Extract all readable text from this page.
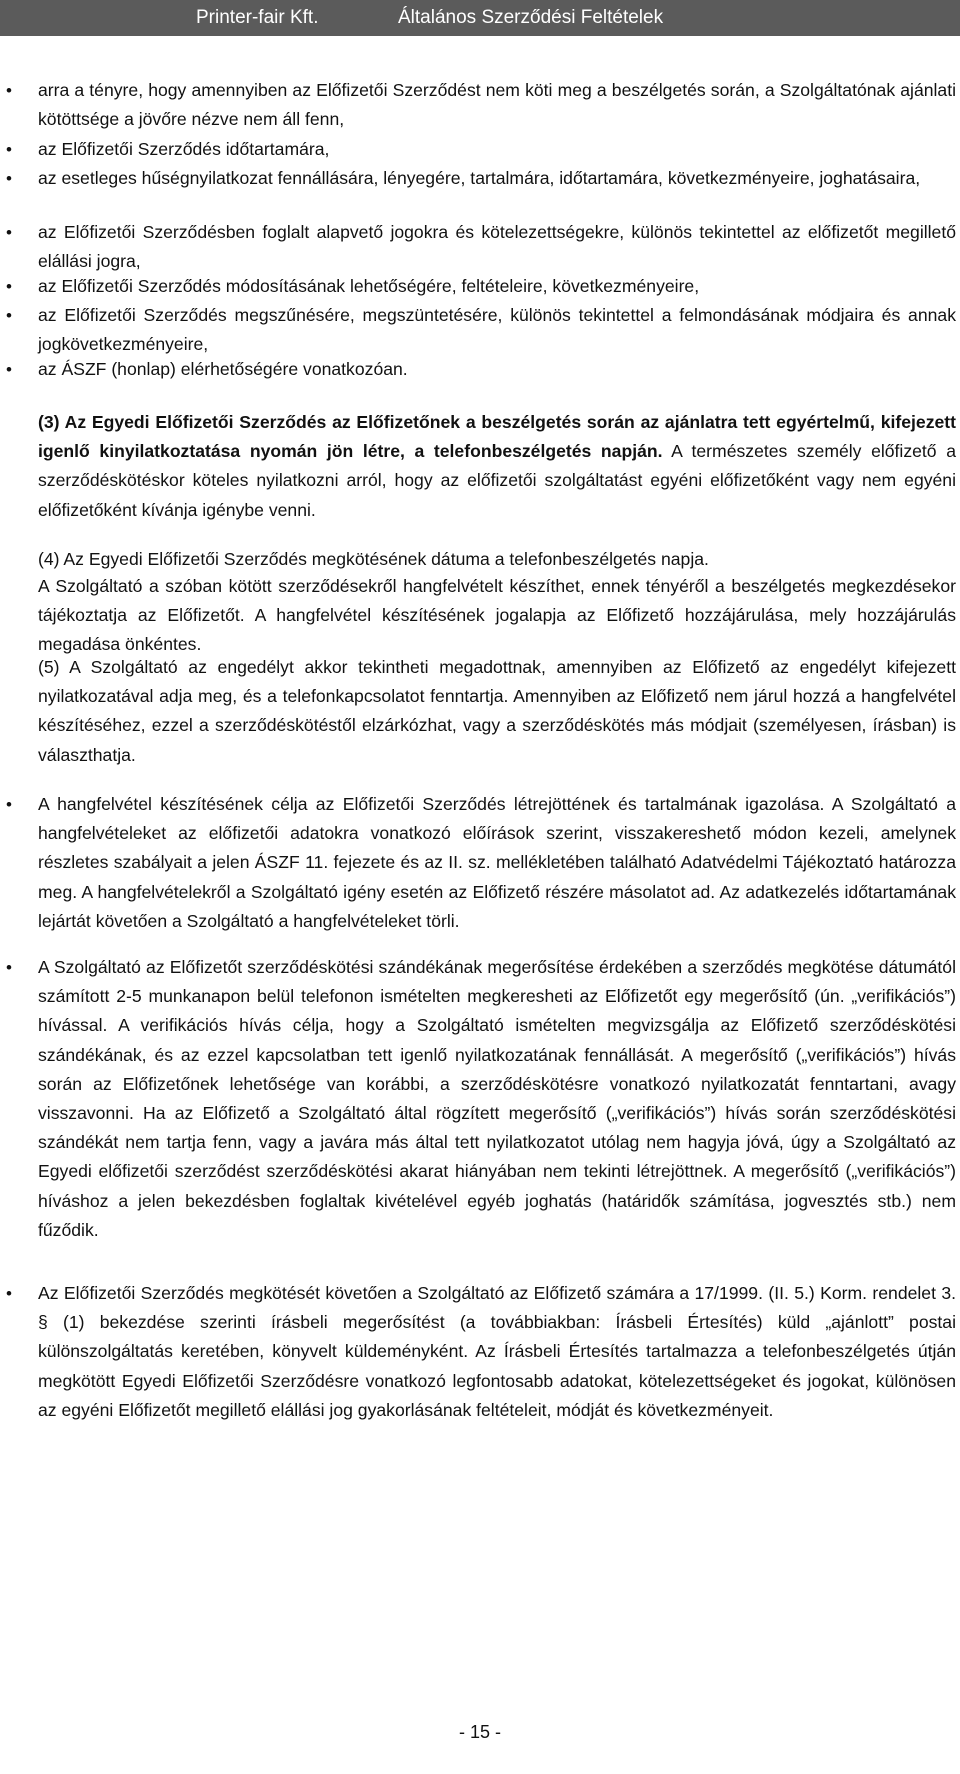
Printer-fair Kft.	Általános Szerződési Feltételek
• arra a tényre, hogy amennyiben az Előfizetői Szerződést nem köti meg a beszélgetés során, a Szolgáltatónak ajánlati kötöttsége a jövőre nézve nem áll fenn,
• az Előfizetői Szerződés időtartamára,
• az esetleges hűségnyilatkozat fennállására, lényegére, tartalmára, időtartamára, következményeire, joghatásaira,
• az Előfizetői Szerződésben foglalt alapvető jogokra és kötelezettségekre, különös tekintettel az előfizetőt megillető elállási jogra,
• az Előfizetői Szerződés módosításának lehetőségére, feltételeire, következményeire,
• az Előfizetői Szerződés megszűnésére, megszüntetésére, különös tekintettel a felmondásának módjaira és annak jogkövetkezményeire,
• az ÁSZF (honlap) elérhetőségére vonatkozóan.

(3) Az Egyedi Előfizetői Szerződés az Előfizetőnek a beszélgetés során az ajánlatra tett egyértelmű, kifejezett igenlő kinyilatkoztatása nyomán jön létre, a telefonbeszélgetés napján. A természetes személy előfizető a szerződéskötéskor köteles nyilatkozni arról, hogy az előfizetői szolgáltatást egyéni előfizetőként vagy nem egyéni előfizetőként kívánja igénybe venni.

(4) Az Egyedi Előfizetői Szerződés megkötésének dátuma a telefonbeszélgetés napja.

A Szolgáltató a szóban kötött szerződésekről hangfelvételt készíthet, ennek tényéről a beszélgetés megkezdésekor tájékoztatja az Előfizetőt. A hangfelvétel készítésének jogalapja az Előfizető hozzájárulása, mely hozzájárulás megadása önkéntes.

(5) A Szolgáltató az engedélyt akkor tekintheti megadottnak, amennyiben az Előfizető az engedélyt kifejezett nyilatkozatával adja meg, és a telefonkapcsolatot fenntartja. Amennyiben az Előfizető nem járul hozzá a hangfelvétel készítéséhez, ezzel a szerződéskötéstől elzárkózhat, vagy a szerződéskötés más módjait (személyesen, írásban) is választhatja.

• A hangfelvétel készítésének célja az Előfizetői Szerződés létrejöttének és tartalmának igazolása. A Szolgáltató a hangfelvételeket az előfizetői adatokra vonatkozó előírások szerint, visszakereshető módon kezeli, amelynek részletes szabályait a jelen ÁSZF 11. fejezete és az II. sz. mellékletében található Adatvédelmi Tájékoztató határozza meg. A hangfelvételekről a Szolgáltató igény esetén az Előfizető részére másolatot ad. Az adatkezelés időtartamának lejártát követően a Szolgáltató a hangfelvételeket törli.
• A Szolgáltató az Előfizetőt szerződéskötési szándékának megerősítése érdekében a szerződés megkötése dátumától számított 2-5 munkanapon belül telefonon ismételten megkeresheti az Előfizetőt egy megerősítő (ún. „verifikációs”) hívással. A verifikációs hívás célja, hogy a Szolgáltató ismételten megvizsgálja az Előfizető szerződéskötési szándékának, és az ezzel kapcsolatban tett igenlő nyilatkozatának fennállását. A megerősítő („verifikációs”) hívás során az Előfizetőnek lehetősége van korábbi, a szerződéskötésre vonatkozó nyilatkozatát fenntartani, avagy visszavonni. Ha az Előfizető a Szolgáltató által rögzített megerősítő („verifikációs”) hívás során szerződéskötési szándékát nem tartja fenn, vagy a javára más által tett nyilatkozatot utólag nem hagyja jóvá, úgy a Szolgáltató az Egyedi előfizetői szerződést szerződéskötési akarat hiányában nem tekinti létrejöttnek. A megerősítő („verifikációs”) híváshoz a jelen bekezdésben foglaltak kivételével egyéb joghatás (határidők számítása, jogvesztés stb.) nem fűződik.
• Az Előfizetői Szerződés megkötését követően a Szolgáltató az Előfizető számára a 17/1999. (II. 5.) Korm. rendelet 3. § (1) bekezdése szerinti írásbeli megerősítést (a továbbiakban: Írásbeli Értesítés) küld „ajánlott” postai különszolgáltatás keretében, könyvelt küldeményként. Az Írásbeli Értesítés tartalmazza a telefonbeszélgetés útján megkötött Egyedi Előfizetői Szerződésre vonatkozó legfontosabb adatokat, kötelezettségeket és jogokat, különösen az egyéni Előfizetőt megillető elállási jog gyakorlásának feltételeit, módját és következményeit.
- 15 -
